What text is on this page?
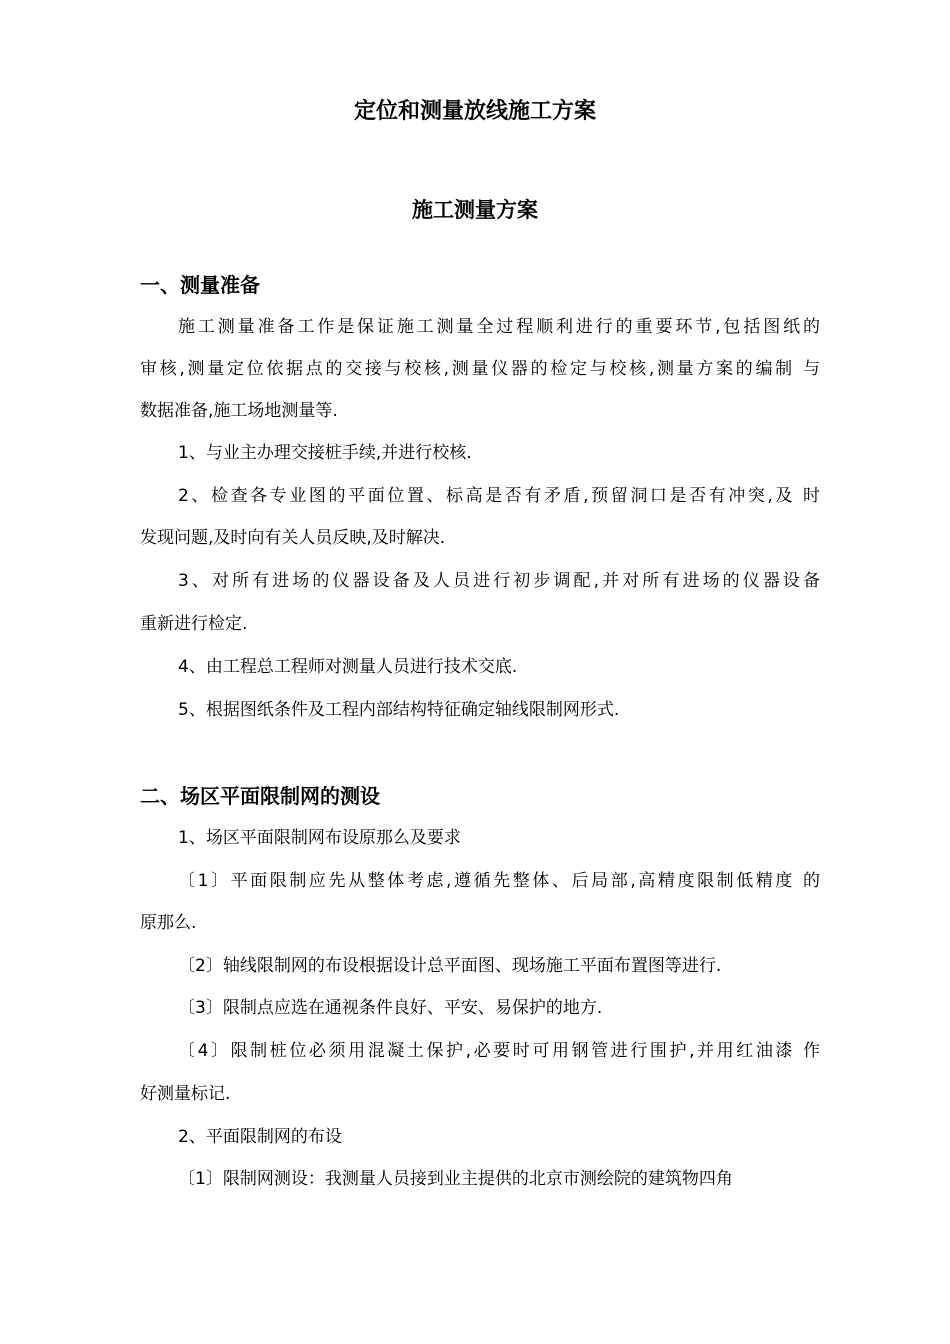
定位和测量放线施工方案
施工测量方案
一、测量准备

施工测量准备工作是保证施工测量全过程顺利进行的重要环节,包括图纸的

审核,测量定位依据点的交接与校核,测量仪器的检定与校核,测量方案的编制 与

数据准备,施工场地测量等.

1、与业主办理交接桩手续,并进行校核.

2、检查各专业图的平面位置、标高是否有矛盾,预留洞口是否有冲突,及 时

发现问题,及时向有关人员反映,及时解决.

3、对所有进场的仪器设备及人员进行初步调配,并对所有进场的仪器设备

重新进行检定.

4、由工程总工程师对测量人员进行技术交底.

5、根据图纸条件及工程内部结构特征确定轴线限制网形式.

二、场区平面限制网的测设

1、场区平面限制网布设原那么及要求

〔1〕平面限制应先从整体考虑,遵循先整体、后局部,高精度限制低精度 的

原那么.

〔2〕轴线限制网的布设根据设计总平面图、现场施工平面布置图等进行.

〔3〕限制点应选在通视条件良好、平安、易保护的地方.

〔4〕限制桩位必须用混凝土保护,必要时可用钢管进行围护,并用红油漆 作

好测量标记.

2、平面限制网的布设

〔1〕限制网测设：我测量人员接到业主提供的北京市测绘院的建筑物四角
